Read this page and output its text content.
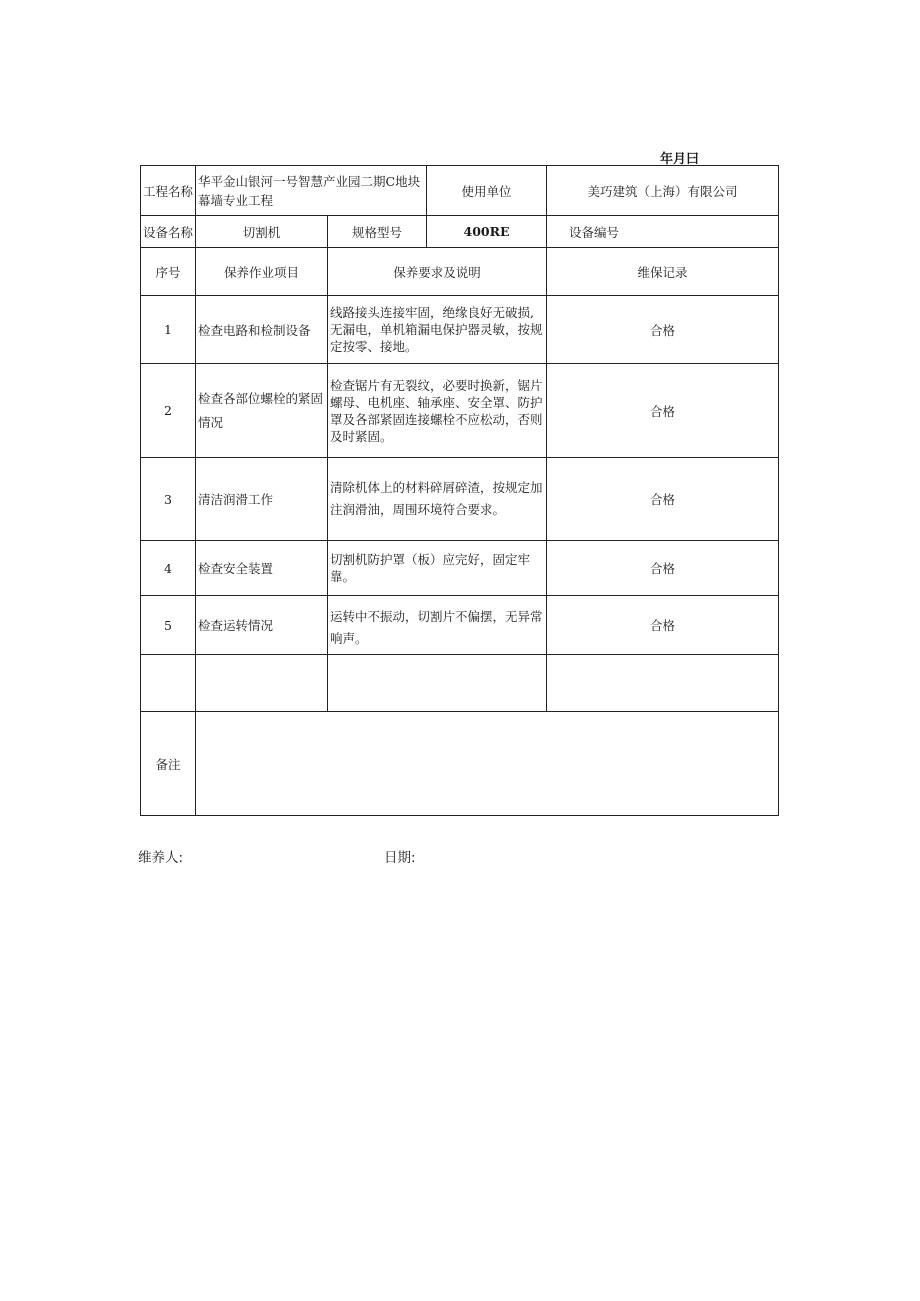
年月曰
工程名称	华平金山银河一号智慧产业园二期C地块幕墙专业工程		使用单位	美巧建筑（上海）有限公司
设备名称	切割机	规格型号	400RE	设备编号
序号	保养作业项目	保养要求及说明		维保记录
1	检查电路和检制设备	线路接头连接牢固，绝缘良好无破损,无漏电，单机箱漏电保护器灵敏，按规定按零、接地。		合格
2	检查各部位螺栓的紧固情况	检查锯片有无裂纹，必要时换新，锯片螺母、电机座、轴承座、安全罩、防护罩及各部紧固连接螺栓不应松动，否则及时紧固。		合格
3	清洁润滑工作	清除机体上的材料碎屑碎渣，按规定加注润滑油，周围环境符合要求。		合格
4	检查安全装置	切割机防护罩（板）应完好，固定牢靠。		合格
5	检查运转情况	运转中不振动，切割片不偏摆，无异常响声。		合格

备注				
维养人:	日期:
